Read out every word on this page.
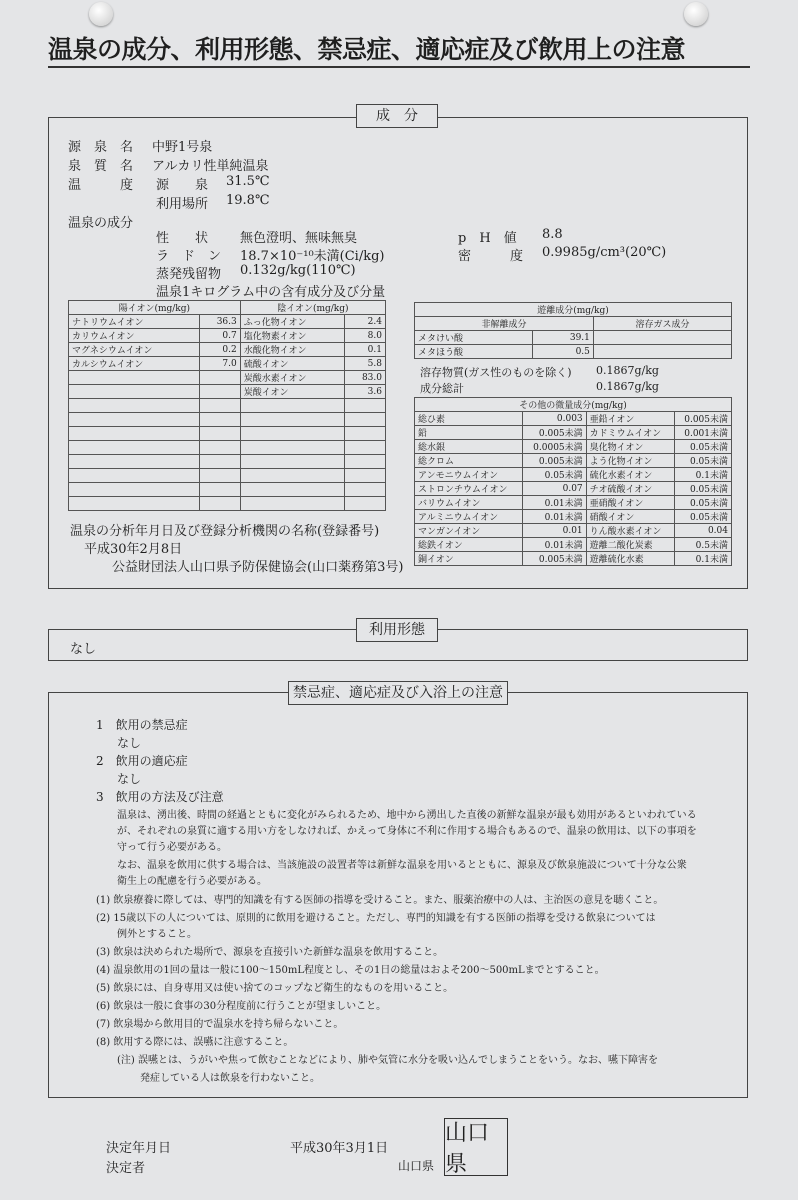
温泉の成分、利用形態、禁忌症、適応症及び飲用上の注意
成　分
源　泉　名 中野1号泉
泉　質　名 アルカリ性単純温泉
温　　　度 源　　泉 31.5℃
利用場所 19.8℃
温泉の成分
性　　状 無色澄明、無味無臭	p　H　値 8.8
ラ　ド　ン 18.7×10⁻¹⁰未満(Ci/kg)	密　　　度 0.9985g/cm³(20℃)
蒸発残留物 0.132g/kg(110℃)
温泉1キログラム中の含有成分及び分量
陽イオン(mg/kg)		陰イオン(mg/kg)	
ナトリウムイオン	36.3	ふっ化物イオン	2.4
カリウムイオン	0.7	塩化物素イオン	8.0
マグネシウムイオン	0.2	水酸化物イオン	0.1
カルシウムイオン	7.0	硫酸イオン	5.8
		炭酸水素イオン	83.0
		炭酸イオン	3.6

遊離成分(mg/kg)		
非解離成分		溶存ガス成分
メタけい酸	39.1	
メタほう酸	0.5	
溶存物質(ガス性のものを除く) 0.1867g/kg
成分総計	0.1867g/kg
その他の微量成分(mg/kg)			
総ひ素	0.003	亜鉛イオン	0.005未満
鉛	0.005未満	カドミウムイオン	0.001未満
総水銀	0.0005未満	臭化物イオン	0.05未満
総クロム	0.005未満	よう化物イオン	0.05未満
アンモニウムイオン	0.05未満	硫化水素イオン	0.1未満
ストロンチウムイオン	0.07	チオ硫酸イオン	0.05未満
バリウムイオン	0.01未満	亜硝酸イオン	0.05未満
アルミニウムイオン	0.01未満	硝酸イオン	0.05未満
マンガンイオン	0.01	りん酸水素イオン	0.04
総鉄イオン	0.01未満	遊離二酸化炭素	0.5未満
銅イオン	0.005未満	遊離硫化水素	0.1未満
温泉の分析年月日及び登録分析機関の名称(登録番号)
平成30年2月8日
公益財団法人山口県予防保健協会(山口薬務第3号)
利用形態
なし
禁忌症、適応症及び入浴上の注意
1　飲用の禁忌症
なし
2　飲用の適応症
なし
3　飲用の方法及び注意
温泉は、湧出後、時間の経過とともに変化がみられるため、地中から湧出した直後の新鮮な温泉が最も効用があるといわれている
が、それぞれの泉質に適する用い方をしなければ、かえって身体に不利に作用する場合もあるので、温泉の飲用は、以下の事項を
守って行う必要がある。
なお、温泉を飲用に供する場合は、当該施設の設置者等は新鮮な温泉を用いるとともに、源泉及び飲泉施設について十分な公衆
衛生上の配慮を行う必要がある。
(1) 飲泉療養に際しては、専門的知識を有する医師の指導を受けること。また、服薬治療中の人は、主治医の意見を聴くこと。
(2) 15歳以下の人については、原則的に飲用を避けること。ただし、専門的知識を有する医師の指導を受ける飲泉については
例外とすること。
(3) 飲泉は決められた場所で、源泉を直接引いた新鮮な温泉を飲用すること。
(4) 温泉飲用の1回の量は一般に100～150mL程度とし、その1日の総量はおよそ200～500mLまでとすること。
(5) 飲泉には、自身専用又は使い捨てのコップなど衛生的なものを用いること。
(6) 飲泉は一般に食事の30分程度前に行うことが望ましいこと。
(7) 飲泉場から飲用目的で温泉水を持ち帰らないこと。
(8) 飲用する際には、誤嚥に注意すること。
(注) 誤嚥とは、うがいや焦って飲むことなどにより、肺や気管に水分を吸い込んでしまうことをいう。なお、嚥下障害を
発症している人は飲泉を行わないこと。
決定年月日	平成30年3月1日
決定者	山口県
山口県
